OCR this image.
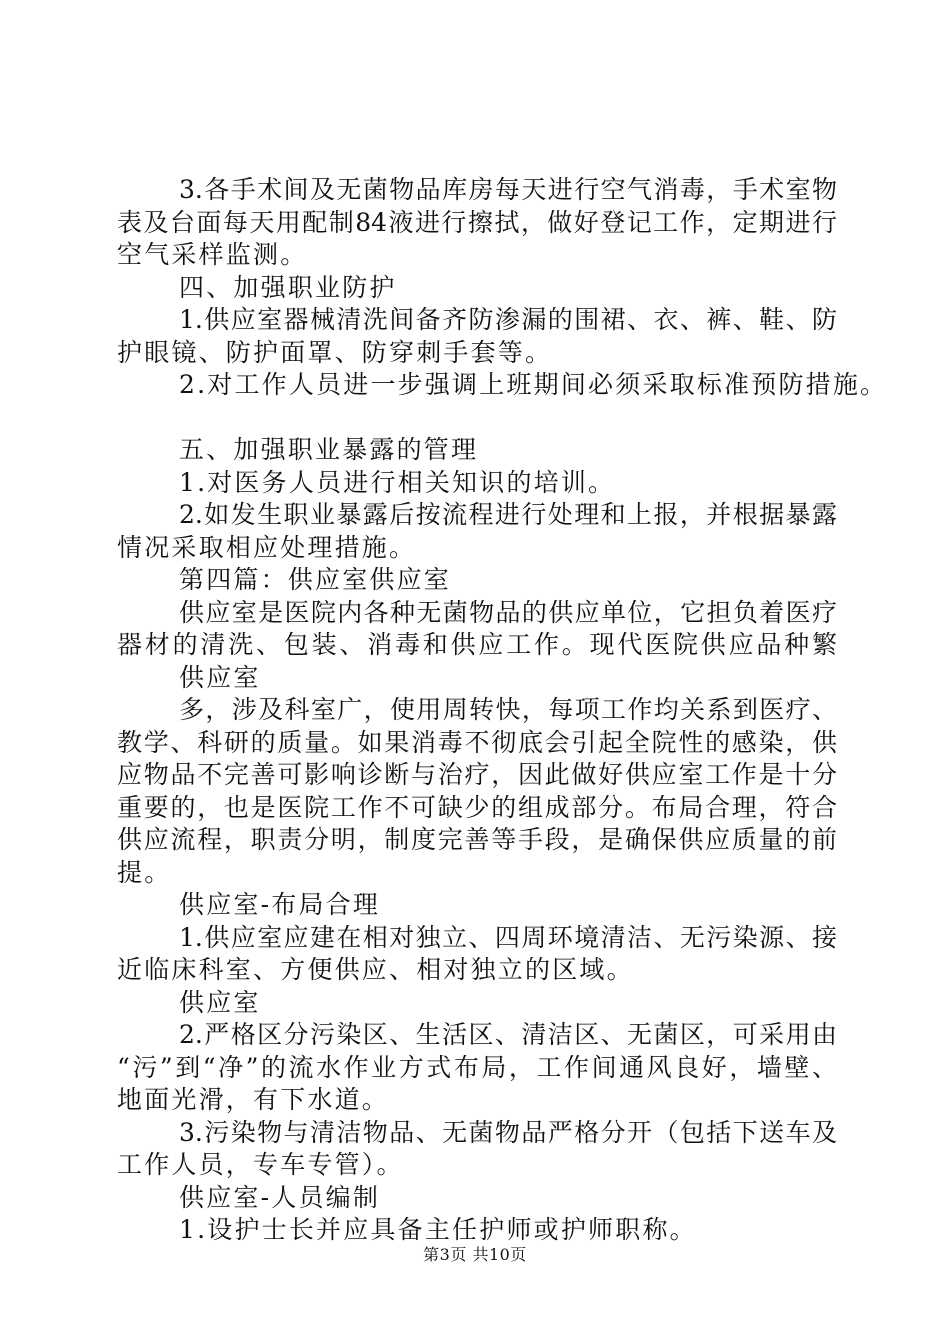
3.各手术间及无菌物品库房每天进行空气消毒，手术室物
表及台面每天用配制84液进行擦拭，做好登记工作，定期进行
空气采样监测。
四、加强职业防护
1.供应室器械清洗间备齐防渗漏的围裙、衣、裤、鞋、防
护眼镜、防护面罩、防穿刺手套等。
2.对工作人员进一步强调上班期间必须采取标准预防措施。
五、加强职业暴露的管理
1.对医务人员进行相关知识的培训。
2.如发生职业暴露后按流程进行处理和上报，并根据暴露
情况采取相应处理措施。
第四篇：供应室供应室
供应室是医院内各种无菌物品的供应单位，它担负着医疗
器材的清洗、包装、消毒和供应工作。现代医院供应品种繁
供应室
多，涉及科室广，使用周转快，每项工作均关系到医疗、
教学、科研的质量。如果消毒不彻底会引起全院性的感染，供
应物品不完善可影响诊断与治疗，因此做好供应室工作是十分
重要的，也是医院工作不可缺少的组成部分。布局合理，符合
供应流程，职责分明，制度完善等手段，是确保供应质量的前
提。
供应室-布局合理
1.供应室应建在相对独立、四周环境清洁、无污染源、接
近临床科室、方便供应、相对独立的区域。
供应室
2.严格区分污染区、生活区、清洁区、无菌区，可采用由
“污”到“净”的流水作业方式布局，工作间通风良好，墙壁、
地面光滑，有下水道。
3.污染物与清洁物品、无菌物品严格分开（包括下送车及
工作人员，专车专管）。
供应室-人员编制
1.设护士长并应具备主任护师或护师职称。
第3页 共10页
